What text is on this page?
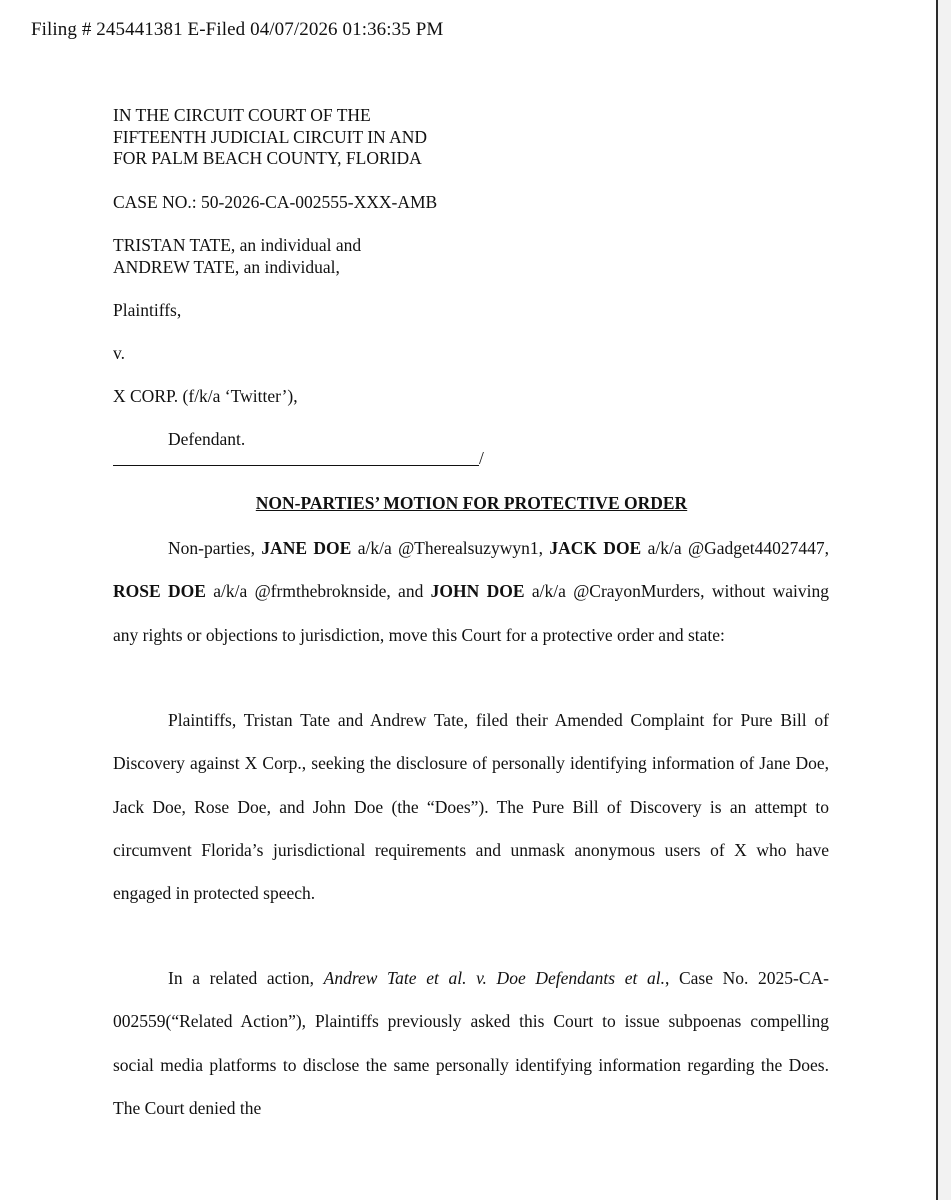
Filing # 245441381 E-Filed 04/07/2026 01:36:35 PM
IN THE CIRCUIT COURT OF THE
FIFTEENTH JUDICIAL CIRCUIT IN AND
FOR PALM BEACH COUNTY, FLORIDA
CASE NO.: 50-2026-CA-002555-XXX-AMB
TRISTAN TATE, an individual and
ANDREW TATE, an individual,
Plaintiffs,
v.
X CORP. (f/k/a ‘Twitter’),
Defendant.
/
NON-PARTIES’ MOTION FOR PROTECTIVE ORDER

Non-parties, JANE DOE a/k/a @Therealsuzywyn1, JACK DOE a/k/a @Gadget44027447, ROSE DOE a/k/a @frmthebroknside, and JOHN DOE a/k/a @CrayonMurders, without waiving any rights or objections to jurisdiction, move this Court for a protective order and state:

Plaintiffs, Tristan Tate and Andrew Tate, filed their Amended Complaint for Pure Bill of Discovery against X Corp., seeking the disclosure of personally identifying information of Jane Doe, Jack Doe, Rose Doe, and John Doe (the “Does”). The Pure Bill of Discovery is an attempt to circumvent Florida’s jurisdictional requirements and unmask anonymous users of X who have engaged in protected speech.

In a related action, Andrew Tate et al. v. Doe Defendants et al., Case No. 2025-CA-002559(“Related Action”), Plaintiffs previously asked this Court to issue subpoenas compelling social media platforms to disclose the same personally identifying information regarding the Does. The Court denied the
